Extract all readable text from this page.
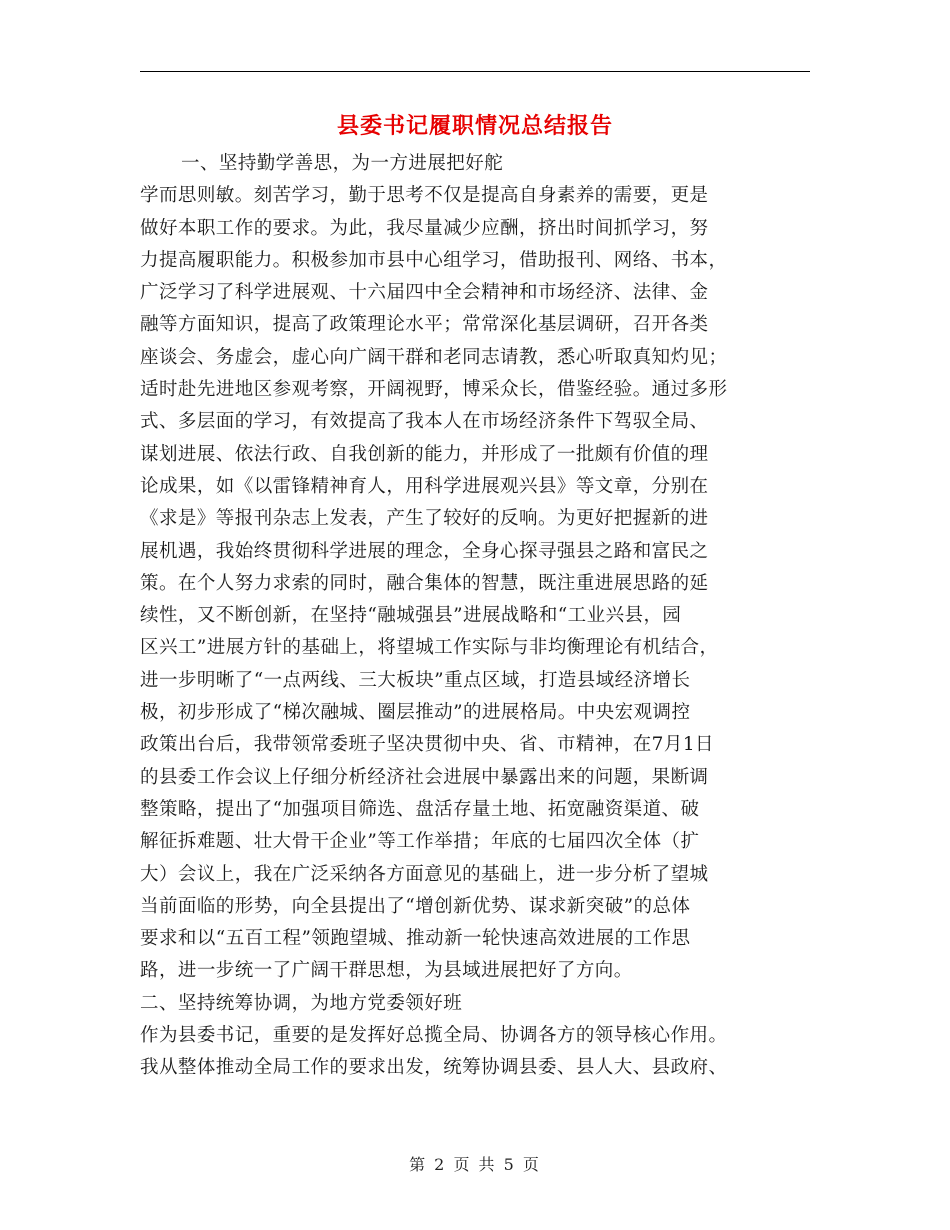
县委书记履职情况总结报告
一、坚持勤学善思，为一方进展把好舵
学而思则敏。刻苦学习，勤于思考不仅是提高自身素养的需要，更是
做好本职工作的要求。为此，我尽量减少应酬，挤出时间抓学习，努
力提高履职能力。积极参加市县中心组学习，借助报刊、网络、书本，
广泛学习了科学进展观、十六届四中全会精神和市场经济、法律、金
融等方面知识，提高了政策理论水平；常常深化基层调研，召开各类
座谈会、务虚会，虚心向广阔干群和老同志请教，悉心听取真知灼见；
适时赴先进地区参观考察，开阔视野，博采众长，借鉴经验。通过多形
式、多层面的学习，有效提高了我本人在市场经济条件下驾驭全局、
谋划进展、依法行政、自我创新的能力，并形成了一批颇有价值的理
论成果，如《以雷锋精神育人，用科学进展观兴县》等文章，分别在
《求是》等报刊杂志上发表，产生了较好的反响。为更好把握新的进
展机遇，我始终贯彻科学进展的理念，全身心探寻强县之路和富民之
策。在个人努力求索的同时，融合集体的智慧，既注重进展思路的延
续性，又不断创新，在坚持“融城强县”进展战略和“工业兴县，园
区兴工”进展方针的基础上，将望城工作实际与非均衡理论有机结合，
进一步明晰了“一点两线、三大板块”重点区域，打造县域经济增长
极，初步形成了“梯次融城、圈层推动”的进展格局。中央宏观调控
政策出台后，我带领常委班子坚决贯彻中央、省、市精神，在7月1日
的县委工作会议上仔细分析经济社会进展中暴露出来的问题，果断调
整策略，提出了“加强项目筛选、盘活存量土地、拓宽融资渠道、破
解征拆难题、壮大骨干企业”等工作举措；年底的七届四次全体（扩
大）会议上，我在广泛采纳各方面意见的基础上，进一步分析了望城
当前面临的形势，向全县提出了“增创新优势、谋求新突破”的总体
要求和以“五百工程”领跑望城、推动新一轮快速高效进展的工作思
路，进一步统一了广阔干群思想，为县域进展把好了方向。
二、坚持统筹协调，为地方党委领好班
作为县委书记，重要的是发挥好总揽全局、协调各方的领导核心作用。
我从整体推动全局工作的要求出发，统筹协调县委、县人大、县政府、
第 2 页 共 5 页
